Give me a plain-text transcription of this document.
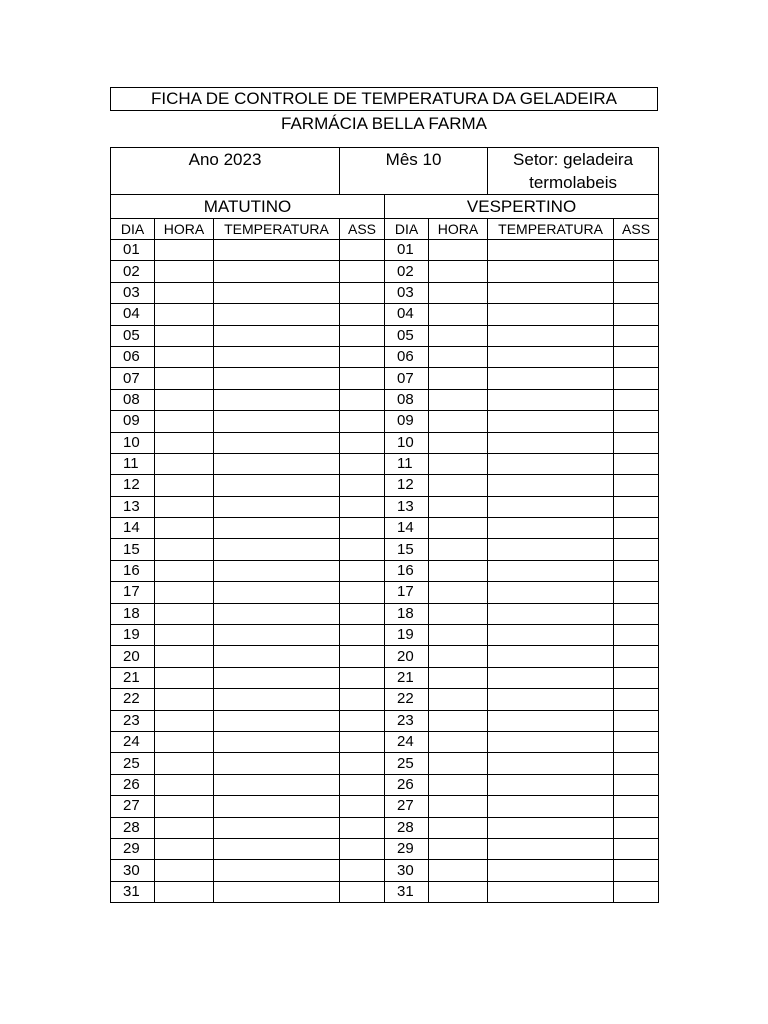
FICHA DE CONTROLE DE TEMPERATURA DA GELADEIRA
FARMÁCIA BELLA FARMA
Ano 2023			Mês 10			Setor: geladeira termolabeis	
MATUTINO				VESPERTINO			
DIA	HORA	TEMPERATURA	ASS	DIA	HORA	TEMPERATURA	ASS
01				01			
02				02			
03				03			
04				04			
05				05			
06				06			
07				07			
08				08			
09				09			
10				10			
11				11			
12				12			
13				13			
14				14			
15				15			
16				16			
17				17			
18				18			
19				19			
20				20			
21				21			
22				22			
23				23			
24				24			
25				25			
26				26			
27				27			
28				28			
29				29			
30				30			
31				31			
